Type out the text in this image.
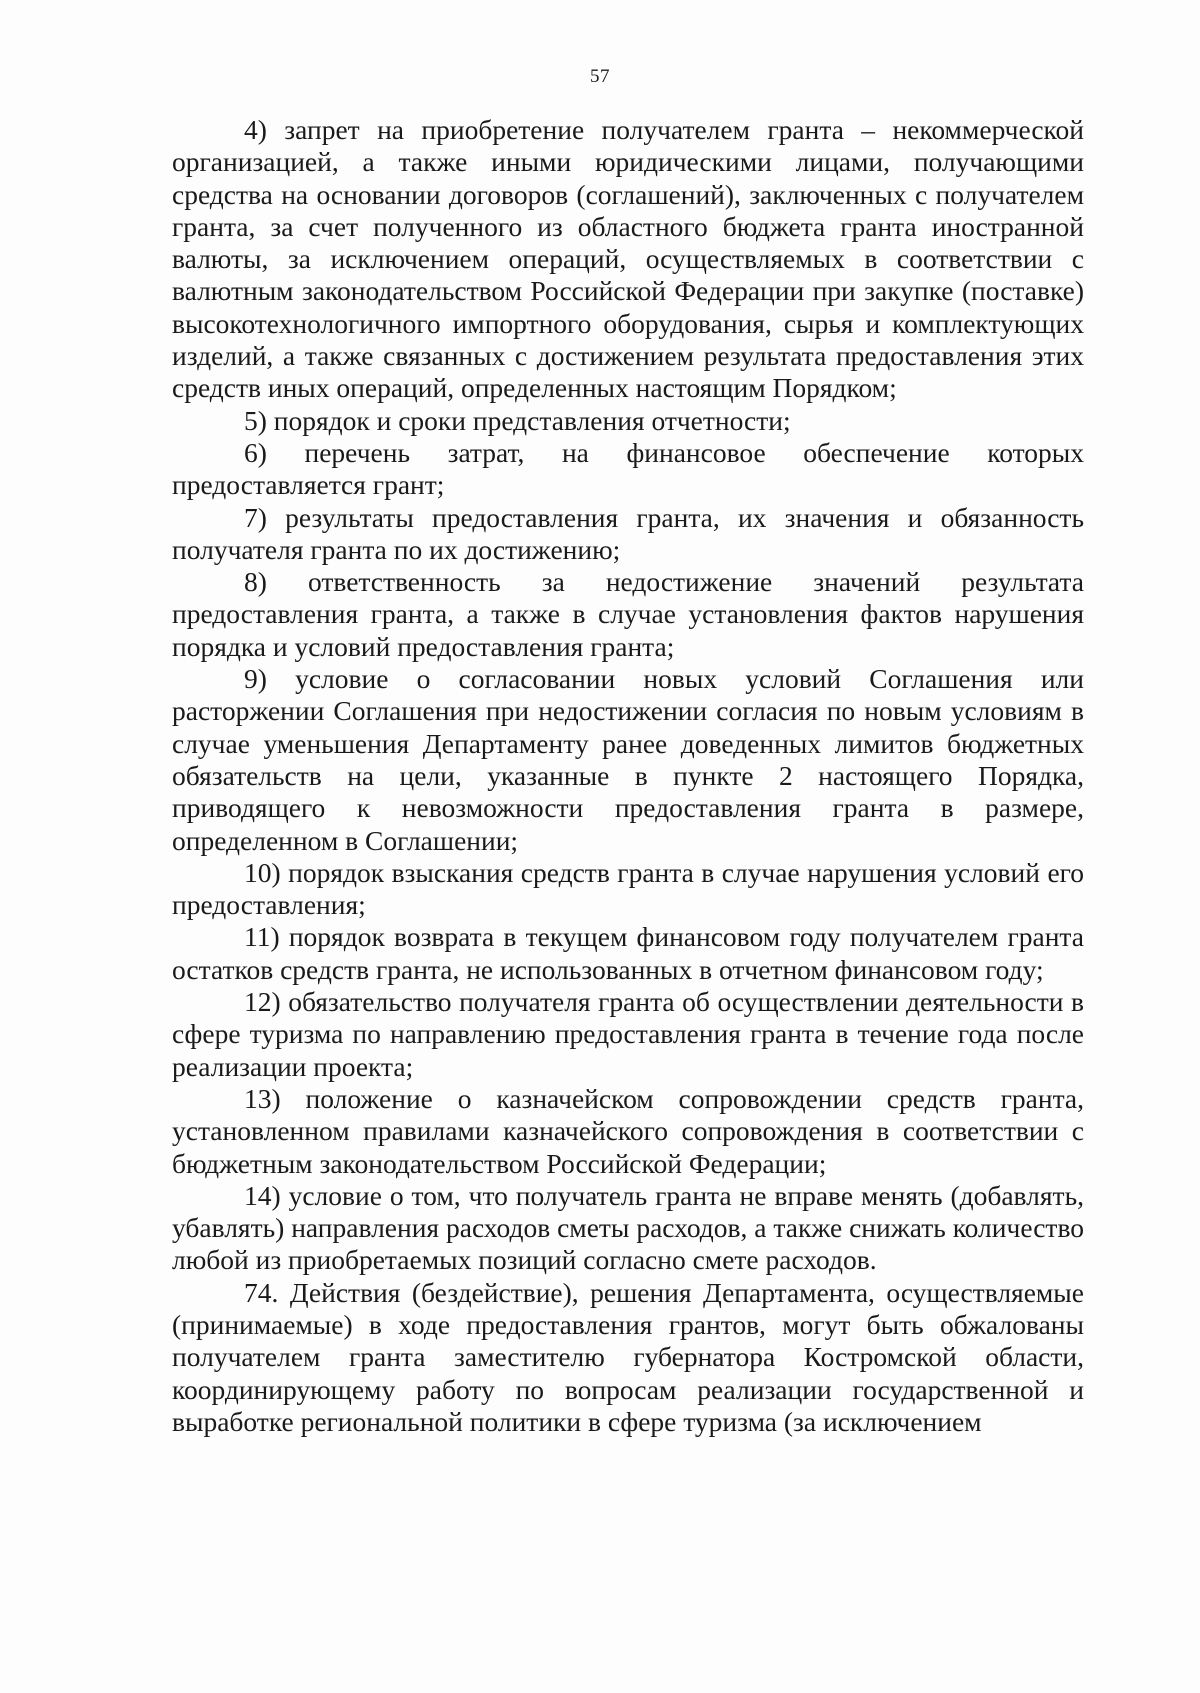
57

4) запрет на приобретение получателем гранта – некоммерческой организацией, а также иными юридическими лицами, получающими средства на основании договоров (соглашений), заключенных с получателем гранта, за счет полученного из областного бюджета гранта иностранной валюты, за исключением операций, осуществляемых в соответствии с валютным законодательством Российской Федерации при закупке (поставке) высокотехнологичного импортного оборудования, сырья и комплектующих изделий, а также связанных с достижением результата предоставления этих средств иных операций, определенных настоящим Порядком;

5) порядок и сроки представления отчетности;

6) перечень затрат, на финансовое обеспечение которых предоставляется грант;

7) результаты предоставления гранта, их значения и обязанность получателя гранта по их достижению;

8) ответственность за недостижение значений результата предоставления гранта, а также в случае установления фактов нарушения порядка и условий предоставления гранта;

9) условие о согласовании новых условий Соглашения или расторжении Соглашения при недостижении согласия по новым условиям в случае уменьшения Департаменту ранее доведенных лимитов бюджетных обязательств на цели, указанные в пункте 2 настоящего Порядка, приводящего к невозможности предоставления гранта в размере, определенном в Соглашении;

10) порядок взыскания средств гранта в случае нарушения условий его предоставления;

11) порядок возврата в текущем финансовом году получателем гранта остатков средств гранта, не использованных в отчетном финансовом году;

12) обязательство получателя гранта об осуществлении деятельности в сфере туризма по направлению предоставления гранта в течение года после реализации проекта;

13) положение о казначейском сопровождении средств гранта, установленном правилами казначейского сопровождения в соответствии с бюджетным законодательством Российской Федерации;

14) условие о том, что получатель гранта не вправе менять (добавлять, убавлять) направления расходов сметы расходов, а также снижать количество любой из приобретаемых позиций согласно смете расходов.

74. Действия (бездействие), решения Департамента, осуществляемые (принимаемые) в ходе предоставления грантов, могут быть обжалованы получателем гранта заместителю губернатора Костромской области, координирующему работу по вопросам реализации государственной и выработке региональной политики в сфере туризма (за исключением
